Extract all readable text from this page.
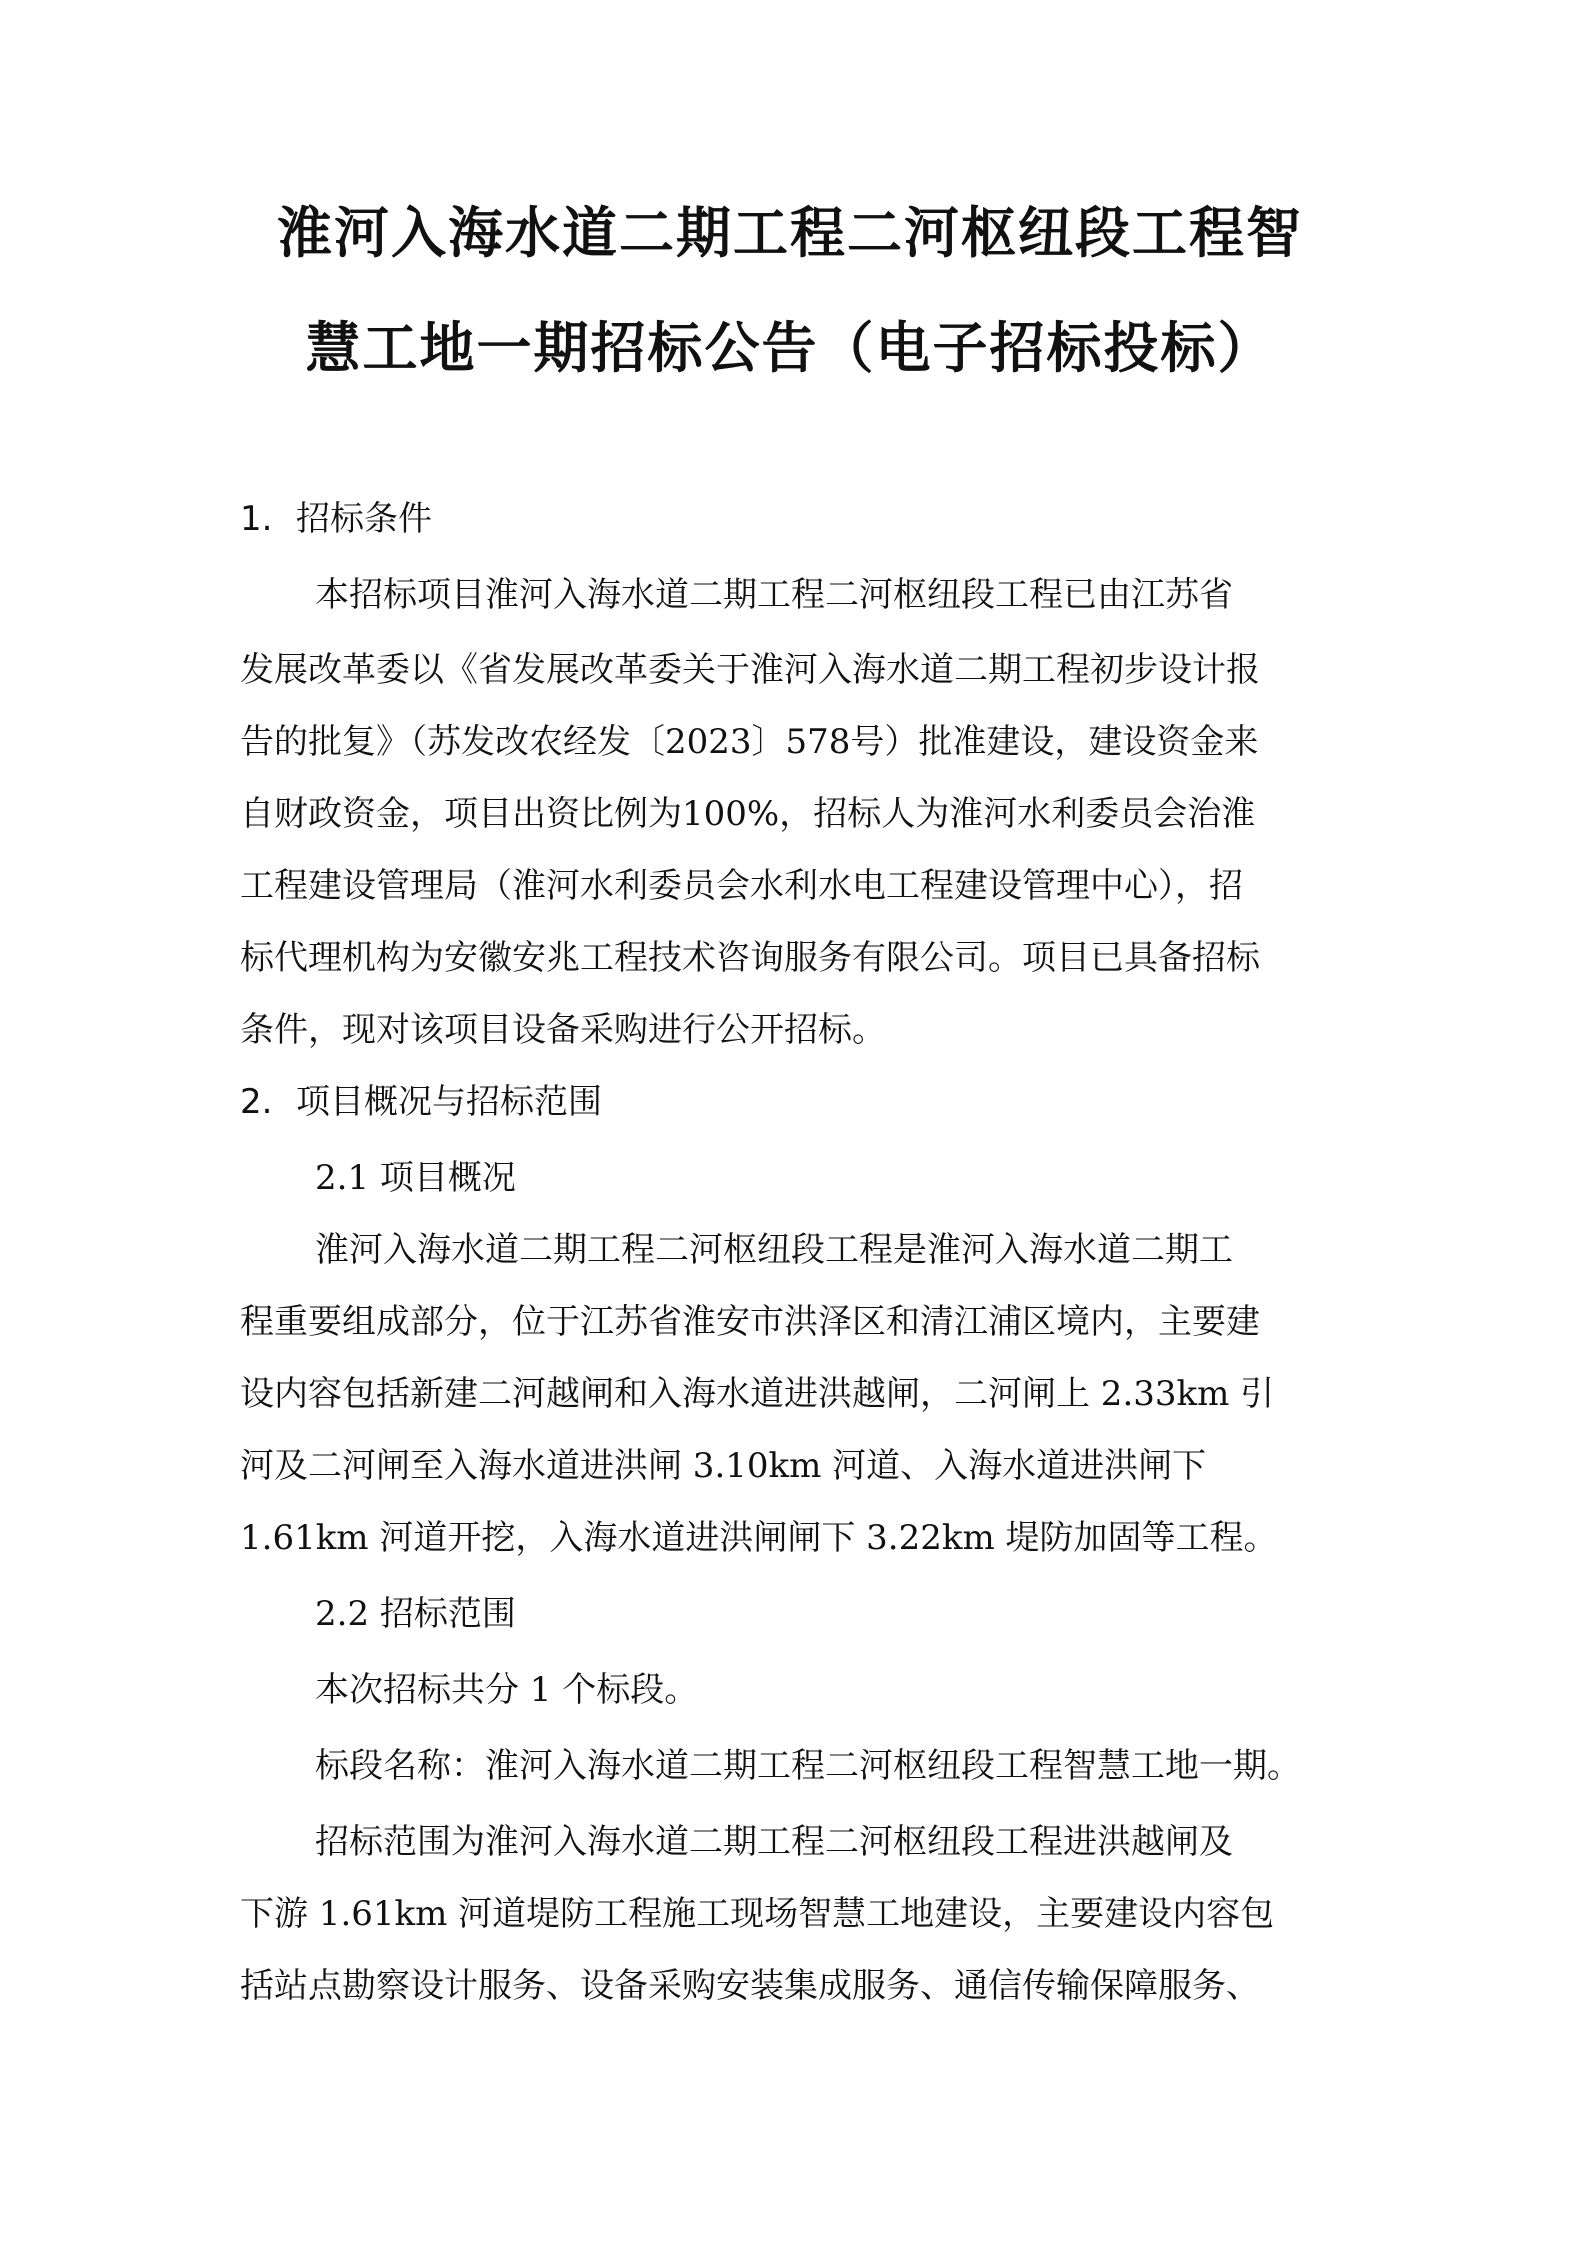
淮河入海水道二期工程二河枢纽段工程智
慧工地一期招标公告（电子招标投标）
1. 招标条件
本招标项目淮河入海水道二期工程二河枢纽段工程已由江苏省
发展改革委以《省发展改革委关于淮河入海水道二期工程初步设计报
告的批复》（苏发改农经发〔2023〕578号）批准建设，建设资金来
自财政资金，项目出资比例为100%，招标人为淮河水利委员会治淮
工程建设管理局（淮河水利委员会水利水电工程建设管理中心），招
标代理机构为安徽安兆工程技术咨询服务有限公司。项目已具备招标
条件，现对该项目设备采购进行公开招标。
2. 项目概况与招标范围
2.1 项目概况
淮河入海水道二期工程二河枢纽段工程是淮河入海水道二期工
程重要组成部分，位于江苏省淮安市洪泽区和清江浦区境内，主要建
设内容包括新建二河越闸和入海水道进洪越闸，二河闸上 2.33km 引
河及二河闸至入海水道进洪闸 3.10km 河道、入海水道进洪闸下
1.61km 河道开挖，入海水道进洪闸闸下 3.22km 堤防加固等工程。
2.2 招标范围
本次招标共分 1 个标段。
标段名称：淮河入海水道二期工程二河枢纽段工程智慧工地一期。
招标范围为淮河入海水道二期工程二河枢纽段工程进洪越闸及
下游 1.61km 河道堤防工程施工现场智慧工地建设，主要建设内容包
括站点勘察设计服务、设备采购安装集成服务、通信传输保障服务、
